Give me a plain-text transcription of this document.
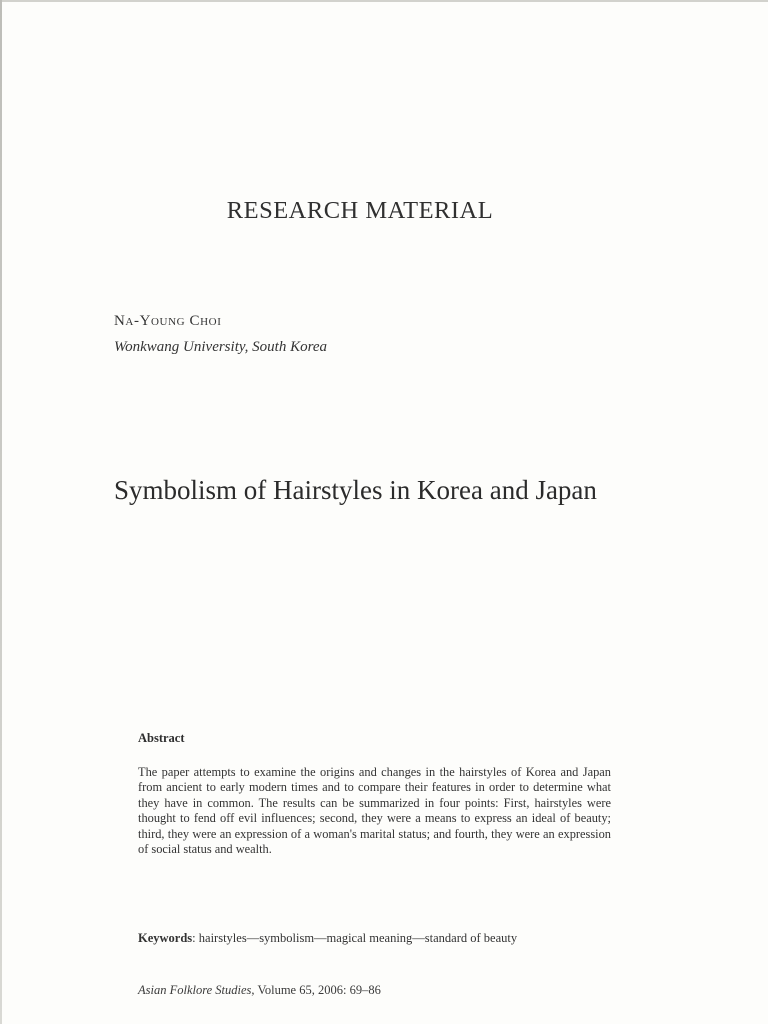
RESEARCH MATERIAL
Na-Young Choi
Wonkwang University, South Korea
Symbolism of Hairstyles in Korea and Japan
Abstract
The paper attempts to examine the origins and changes in the hairstyles of Korea and Japan from ancient to early modern times and to compare their features in order to determine what they have in common. The results can be summarized in four points: First, hairstyles were thought to fend off evil influences; second, they were a means to express an ideal of beauty; third, they were an expression of a woman's marital status; and fourth, they were an expression of social status and wealth.
Keywords: hairstyles—symbolism—magical meaning—standard of beauty
Asian Folklore Studies, Volume 65, 2006: 69–86
